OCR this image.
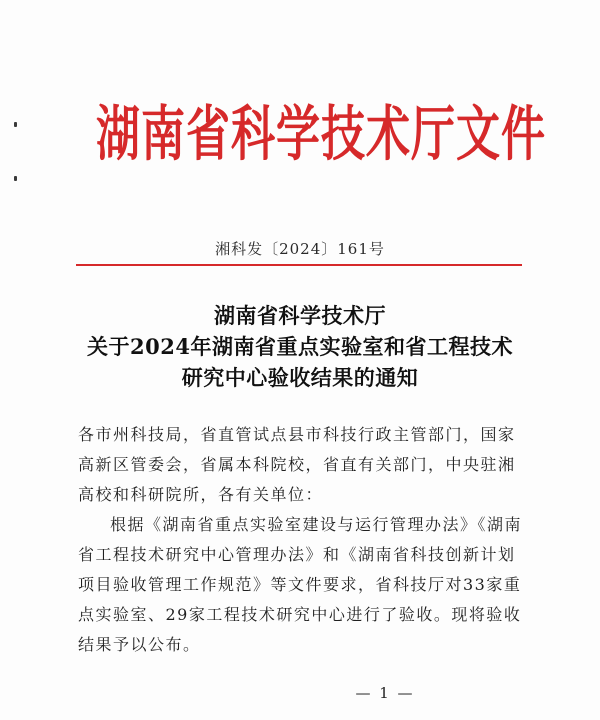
湖南省科学技术厅文件
湘科发〔2024〕161号
湖南省科学技术厅
关于2024年湖南省重点实验室和省工程技术
研究中心验收结果的通知

各市州科技局，省直管试点县市科技行政主管部门，国家高新区管委会，省属本科院校，省直有关部门，中央驻湘高校和科研院所，各有关单位：

根据《湖南省重点实验室建设与运行管理办法》《湖南省工程技术研究中心管理办法》和《湖南省科技创新计划项目验收管理工作规范》等文件要求，省科技厅对33家重点实验室、29家工程技术研究中心进行了验收。现将验收结果予以公布。

— 1 —
